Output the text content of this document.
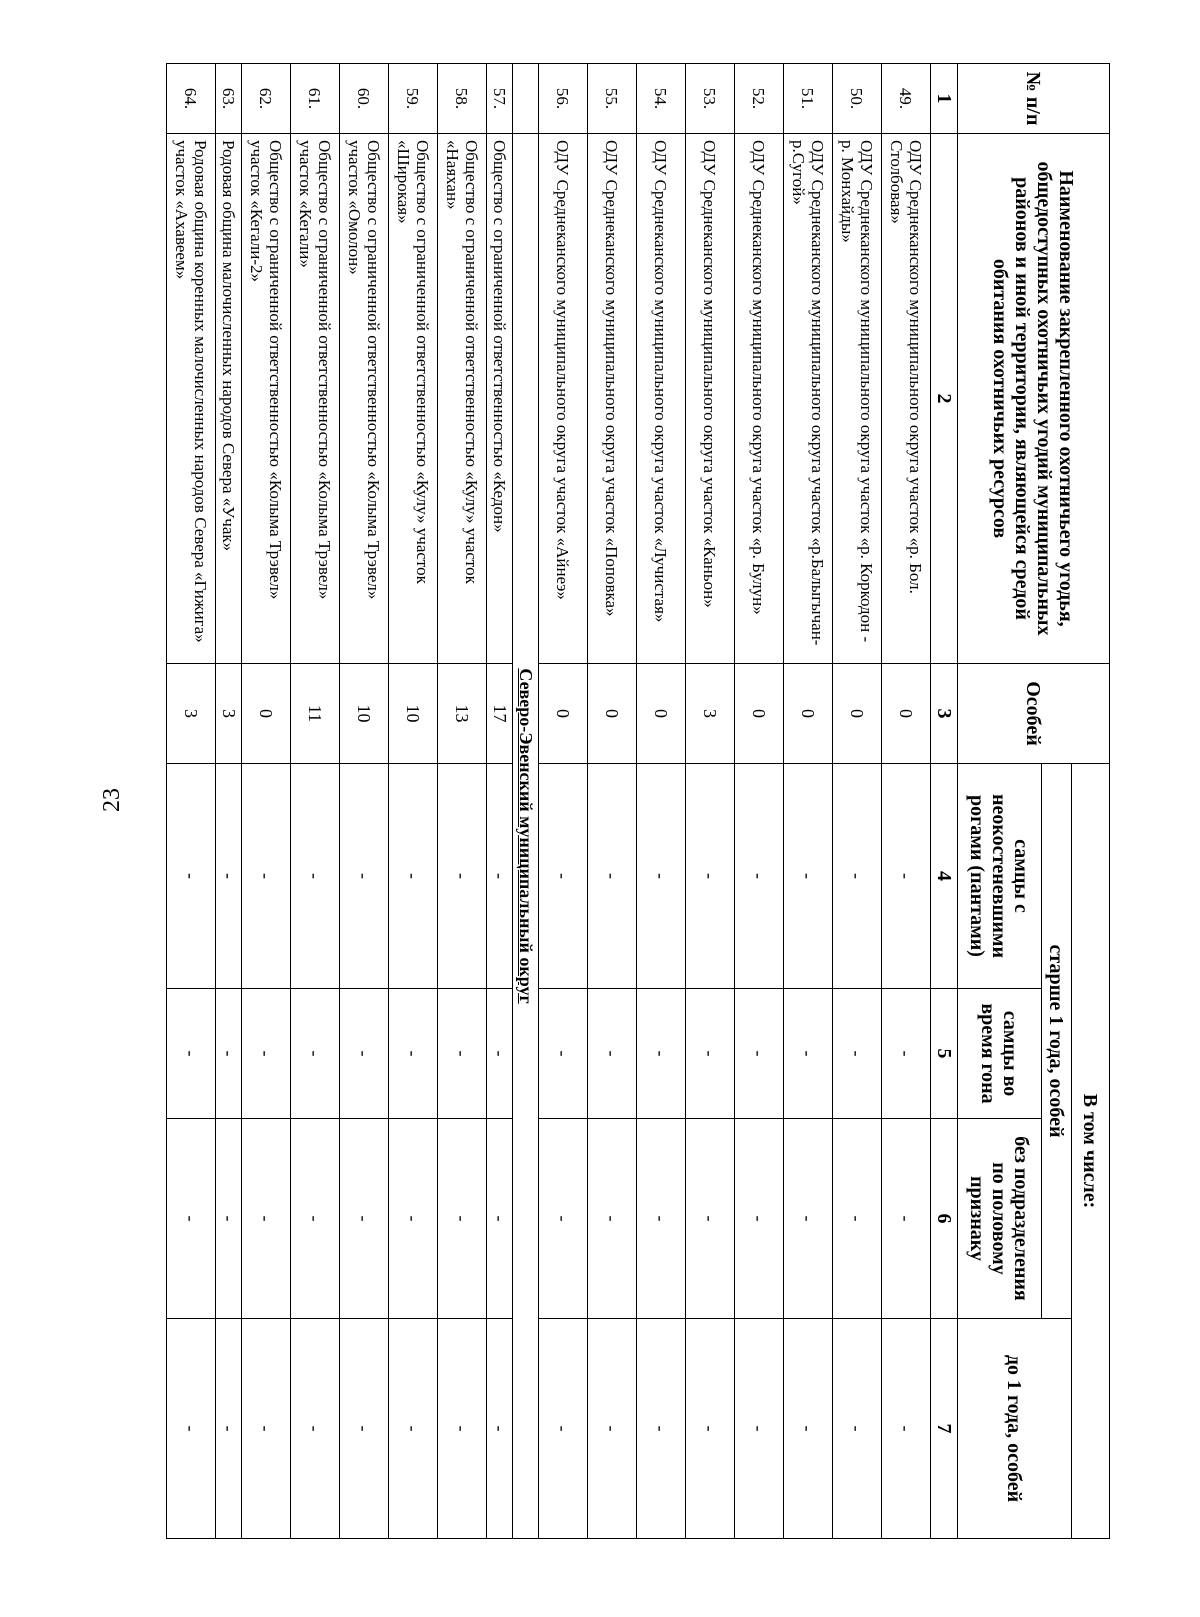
23
№ п/п	Наименование закрепленного охотничьего угодья, общедоступных охотничьих угодий муниципальных районов и иной территории, являющейся средой обитания охотничьих ресурсов	Особей	В том числе:			
			старше 1 года, особей			до 1 года, особей
			самцы с неокостеневшими рогами (пантами)	самцы во время гона	без подразделения по половому признаку	
1	2	3	4	5	6	7
49.	ОДУ Среднеканского муниципального округа участок «р. Бол. Столбовая»	0	-	-	-	-
50.	ОДУ Среднеканского муниципального округа участок «р. Коркодон - р. Монхайды»	0	-	-	-	-
51.	ОДУ Среднеканского муниципального округа участок «р.Балыгычан-р.Сугой»	0	-	-	-	-
52.	ОДУ Среднеканского муниципального округа участок «р. Булун»	0	-	-	-	-
53.	ОДУ Среднеканского муниципального округа участок «Каньон»	3	-	-	-	-
54.	ОДУ Среднеканского муниципального округа участок «Лучистая»	0	-	-	-	-
55.	ОДУ Среднеканского муниципального округа участок «Поповка»	0	-	-	-	-
56.	ОДУ Среднеканского муниципального округа участок «Айнеэ»	0	-	-	-	-
	Северо-Эвенский муниципальный округ					
57.	Общество с ограниченной ответственностью «Кедон»	17	-	-	-	-
58.	Общество с ограниченной ответственностью «Кулу» участок «Наяхан»	13	-	-	-	-
59.	Общество с ограниченной ответственностью «Кулу» участок «Широкая»	10	-	-	-	-
60.	Общество с ограниченной ответственностью «Колыма Трэвел» участок «Омолон»	10	-	-	-	-
61.	Общество с ограниченной ответственностью «Колыма Трэвел» участок «Кегали»	11	-	-	-	-
62.	Общество с ограниченной ответственностью «Колыма Трэвел» участок «Кегали-2»	0	-	-	-	-
63.	Родовая община малочисленных народов Севера «Учак»	3	-	-	-	-
64.	Родовая община коренных малочисленных народов Севера «Гижига» участок «Ахавеем»	3	-	-	-	-
